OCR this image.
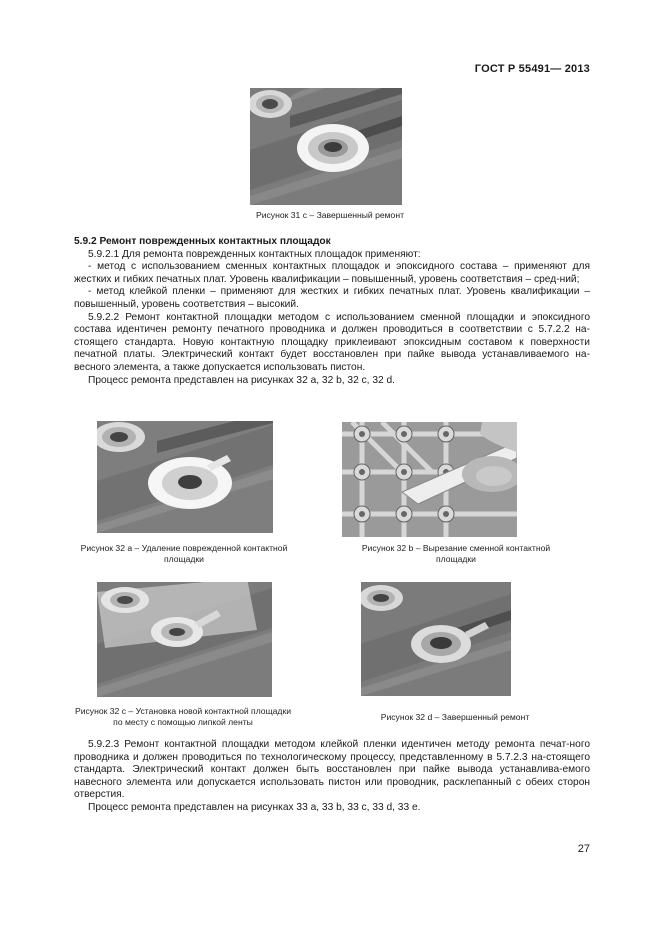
ГОСТ Р 55491— 2013
Рисунок 31 с – Завершенный ремонт

5.9.2 Ремонт поврежденных контактных площадок

5.9.2.1 Для ремонта поврежденных контактных площадок применяют:

- метод с использованием сменных контактных площадок и эпоксидного состава – применяют для жестких и гибких печатных плат. Уровень квалификации – повышенный, уровень соответствия – сред-ний;

- метод клейкой пленки – применяют для жестких и гибких печатных плат. Уровень квалификации – повышенный, уровень соответствия – высокий.

5.9.2.2 Ремонт контактной площадки методом с использованием сменной площадки и эпоксидного состава идентичен ремонту печатного проводника и должен проводиться в соответствии с 5.7.2.2 на-стоящего стандарта. Новую контактную площадку приклеивают эпоксидным составом к поверхности печатной платы. Электрический контакт будет восстановлен при пайке вывода устанавливаемого на-весного элемента, а также допускается использовать пистон.

Процесс ремонта представлен на рисунках 32 a, 32 b, 32 c, 32 d.

Рисунок 32 a – Удаление поврежденной контактной
площадки
Рисунок 32 b – Вырезание сменной контактной
площадки
Рисунок 32 с – Установка новой контактной площадки
по месту с помощью липкой ленты	Рисунок 32 d – Завершенный ремонт

5.9.2.3 Ремонт контактной площадки методом клейкой пленки идентичен методу ремонта печат-ного проводника и должен проводиться по технологическому процессу, представленному в 5.7.2.3 на-стоящего стандарта. Электрический контакт должен быть восстановлен при пайке вывода устанавлива-емого навесного элемента или допускается использовать пистон или проводник, расклепанный с обеих сторон отверстия.

Процесс ремонта представлен на рисунках 33 a, 33 b, 33 c, 33 d, 33 e.

27
